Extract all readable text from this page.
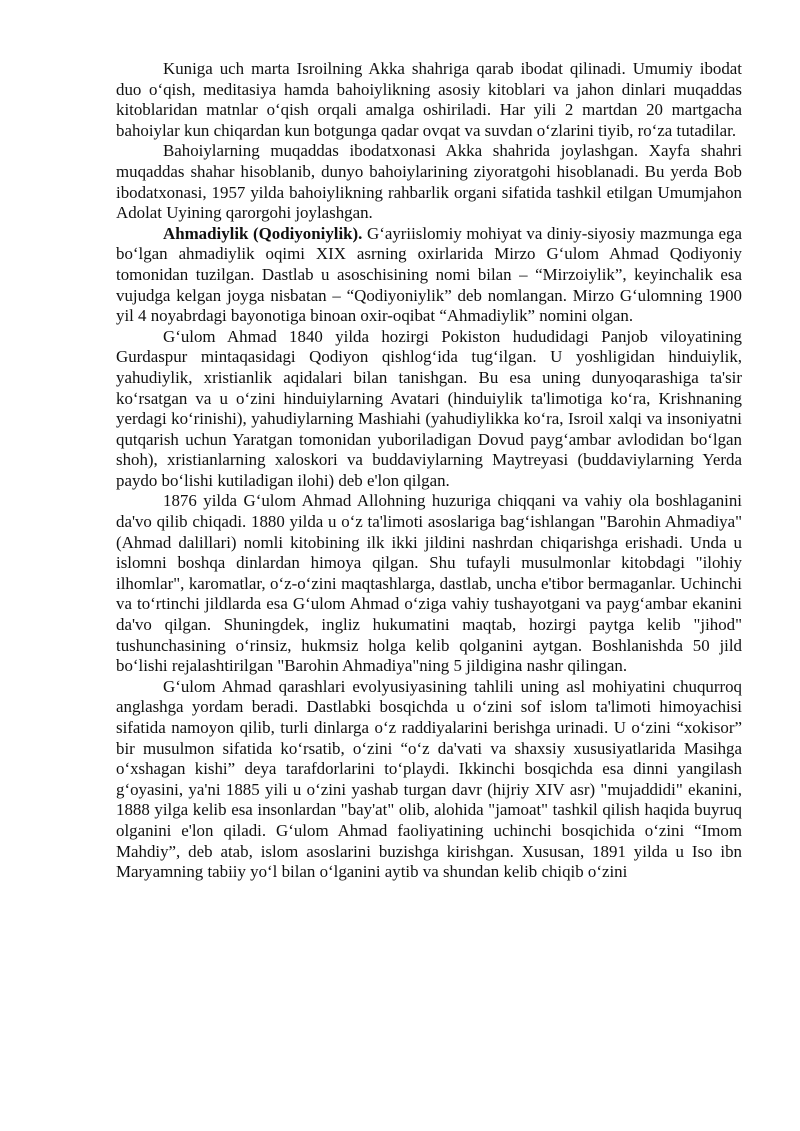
Kuniga uch marta Isroilning Akka shahriga qarab ibodat qilinadi. Umumiy ibodat duo o‘qish, meditasiya hamda bahoiylikning asosiy kitoblari va jahon dinlari muqaddas kitoblaridan matnlar o‘qish orqali amalga oshiriladi. Har yili 2 martdan 20 martgacha bahoiylar kun chiqardan kun botgunga qadar ovqat va suvdan o‘zlarini tiyib, ro‘za tutadilar.

Bahoiylarning muqaddas ibodatxonasi Akka shahrida joylashgan. Xayfa shahri muqaddas shahar hisoblanib, dunyo bahoiylarining ziyoratgohi hisoblanadi. Bu yerda Bob ibodatxonasi, 1957 yilda bahoiylikning rahbarlik organi sifatida tashkil etilgan Umumjahon Adolat Uyining qarorgohi joylashgan.

Ahmadiylik (Qodiyoniylik). G‘ayriislomiy mohiyat va diniy-siyosiy mazmunga ega bo‘lgan ahmadiylik oqimi XIX asrning oxirlarida Mirzo G‘ulom Ahmad Qodiyoniy tomonidan tuzilgan. Dastlab u asoschisining nomi bilan – “Mirzoiylik”, keyinchalik esa vujudga kelgan joyga nisbatan – “Qodiyoniylik” deb nomlangan. Mirzo G‘ulomning 1900 yil 4 noyabrdagi bayonotiga binoan oxir-oqibat “Ahmadiylik” nomini olgan.

G‘ulom Ahmad 1840 yilda hozirgi Pokiston hududidagi Panjob viloyatining Gurdaspur mintaqasidagi Qodiyon qishlog‘ida tug‘ilgan. U yoshligidan hinduiylik, yahudiylik, xristianlik aqidalari bilan tanishgan. Bu esa uning dunyoqarashiga ta'sir ko‘rsatgan va u o‘zini hinduiylarning Avatari (hinduiylik ta'limotiga ko‘ra, Krishnaning yerdagi ko‘rinishi), yahudiylarning Mashiahi (yahudiylikka ko‘ra, Isroil xalqi va insoniyatni qutqarish uchun Yaratgan tomonidan yuboriladigan Dovud payg‘ambar avlodidan bo‘lgan shoh), xristianlarning xaloskori va buddaviylarning Maytreyasi (buddaviylarning Yerda paydo bo‘lishi kutiladigan ilohi) deb e'lon qilgan.

1876 yilda G‘ulom Ahmad Allohning huzuriga chiqqani va vahiy ola boshlaganini da'vo qilib chiqadi. 1880 yilda u o‘z ta'limoti asoslariga bag‘ishlangan "Barohin Ahmadiya" (Ahmad dalillari) nomli kitobining ilk ikki jildini nashrdan chiqarishga erishadi. Unda u islomni boshqa dinlardan himoya qilgan. Shu tufayli musulmonlar kitobdagi "ilohiy ilhomlar", karomatlar, o‘z-o‘zini maqtashlarga, dastlab, uncha e'tibor bermaganlar. Uchinchi va to‘rtinchi jildlarda esa G‘ulom Ahmad o‘ziga vahiy tushayotgani va payg‘ambar ekanini da'vo qilgan. Shuningdek, ingliz hukumatini maqtab, hozirgi paytga kelib "jihod" tushunchasining o‘rinsiz, hukmsiz holga kelib qolganini aytgan. Boshlanishda 50 jild bo‘lishi rejalashtirilgan "Barohin Ahmadiya"ning 5 jildigina nashr qilingan.

G‘ulom Ahmad qarashlari evolyusiyasining tahlili uning asl mohiyatini chuqurroq anglashga yordam beradi. Dastlabki bosqichda u o‘zini sof islom ta'limoti himoyachisi sifatida namoyon qilib, turli dinlarga o‘z raddiyalarini berishga urinadi. U o‘zini “xokisor” bir musulmon sifatida ko‘rsatib, o‘zini “o‘z da'vati va shaxsiy xususiyatlarida Masihga o‘xshagan kishi” deya tarafdorlarini to‘playdi. Ikkinchi bosqichda esa dinni yangilash g‘oyasini, ya'ni 1885 yili u o‘zini yashab turgan davr (hijriy XIV asr) "mujaddidi" ekanini, 1888 yilga kelib esa insonlardan "bay'at" olib, alohida "jamoat" tashkil qilish haqida buyruq olganini e'lon qiladi. G‘ulom Ahmad faoliyatining uchinchi bosqichida o‘zini “Imom Mahdiy”, deb atab, islom asoslarini buzishga kirishgan. Xususan, 1891 yilda u Iso ibn Maryamning tabiiy yo‘l bilan o‘lganini aytib va shundan kelib chiqib o‘zini
